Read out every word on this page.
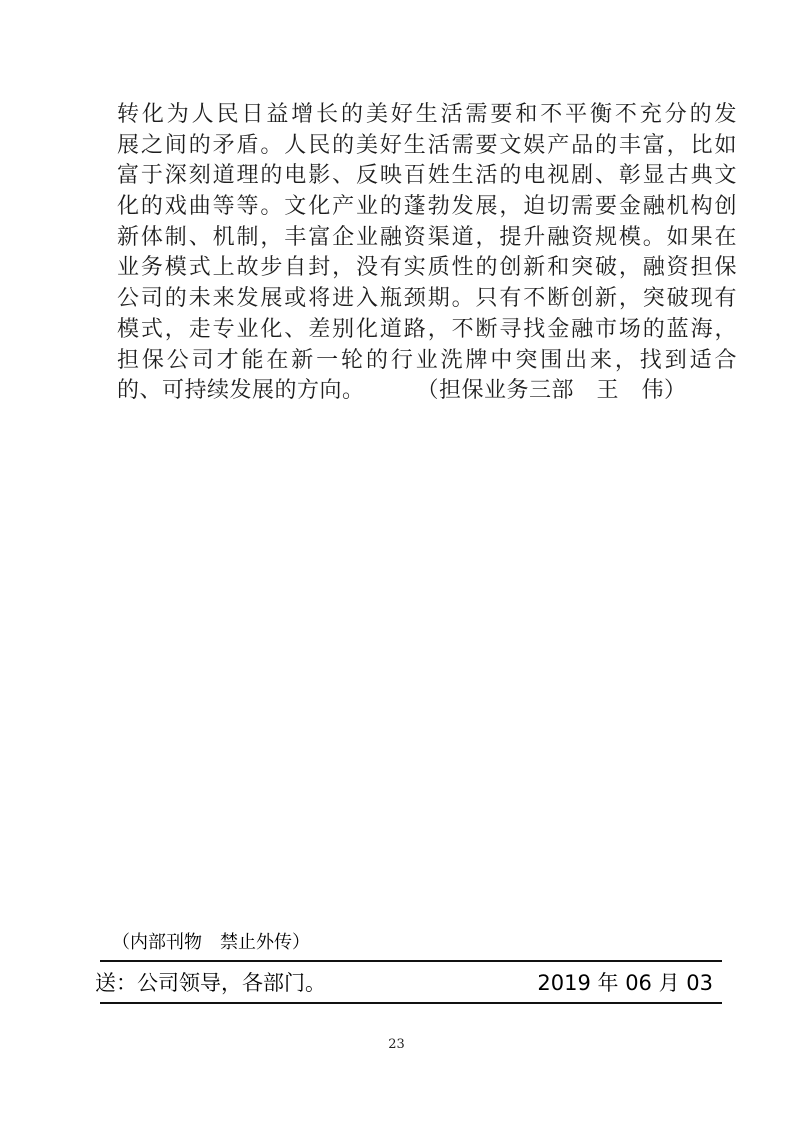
转化为人民日益增长的美好生活需要和不平衡不充分的发
展之间的矛盾。人民的美好生活需要文娱产品的丰富，比如
富于深刻道理的电影、反映百姓生活的电视剧、彰显古典文
化的戏曲等等。文化产业的蓬勃发展，迫切需要金融机构创
新体制、机制，丰富企业融资渠道，提升融资规模。如果在
业务模式上故步自封，没有实质性的创新和突破，融资担保
公司的未来发展或将进入瓶颈期。只有不断创新，突破现有
模式，走专业化、差别化道路，不断寻找金融市场的蓝海，
担保公司才能在新一轮的行业洗牌中突围出来，找到适合
的、可持续发展的方向。 （担保业务三部　王　伟）
（内部刊物　禁止外传）
送：公司领导，各部门。	2019 年 06 月 03
23
